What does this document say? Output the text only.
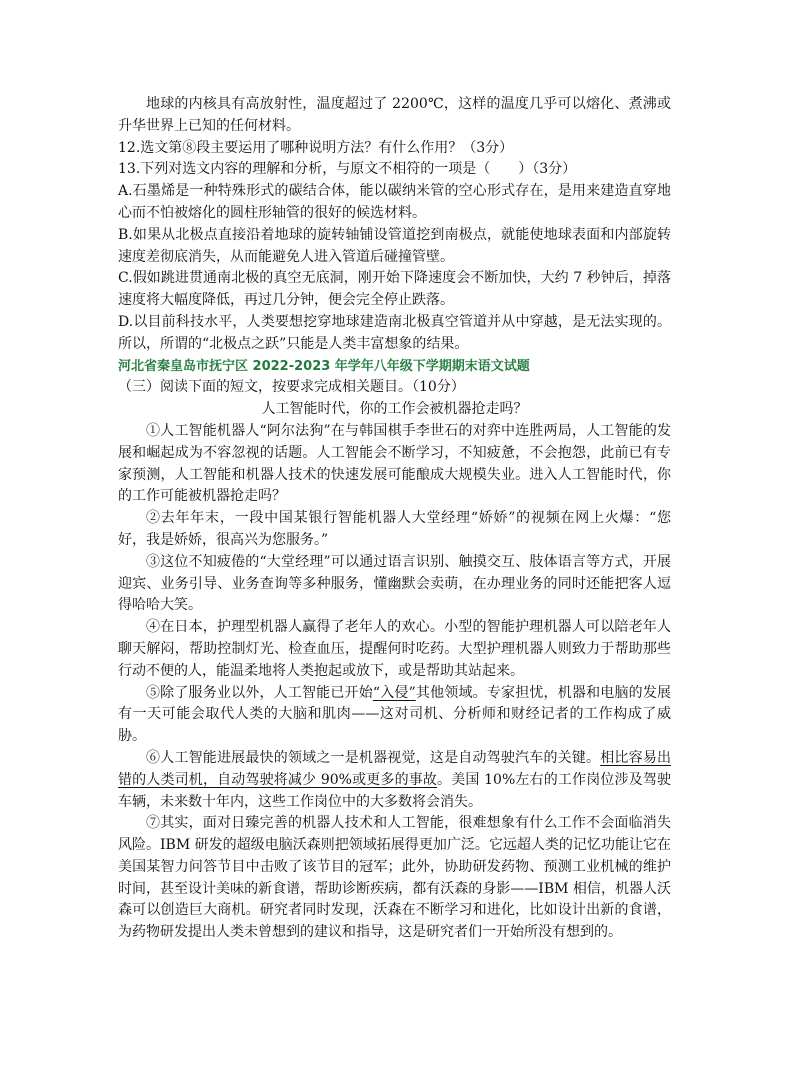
地球的内核具有高放射性，温度超过了 2200℃，这样的温度几乎可以熔化、煮沸或升华世界上已知的任何材料。

12.选文第⑧段主要运用了哪种说明方法？有什么作用？（3分）

13.下列对选文内容的理解和分析，与原文不相符的一项是（　　）（3分）

A.石墨烯是一种特殊形式的碳结合体，能以碳纳米管的空心形式存在，是用来建造直穿地心而不怕被熔化的圆柱形轴管的很好的候选材料。

B.如果从北极点直接沿着地球的旋转轴铺设管道挖到南极点，就能使地球表面和内部旋转速度差彻底消失，从而能避免人进入管道后碰撞管壁。

C.假如跳进贯通南北极的真空无底洞，刚开始下降速度会不断加快，大约 7 秒钟后，掉落速度将大幅度降低，再过几分钟，便会完全停止跌落。

D.以目前科技水平，人类要想挖穿地球建造南北极真空管道并从中穿越，是无法实现的。所以，所谓的“北极点之跃”只能是人类丰富想象的结果。

河北省秦皇岛市抚宁区 2022-2023 年学年八年级下学期期末语文试题

（三）阅读下面的短文，按要求完成相关题目。（10分）

人工智能时代，你的工作会被机器抢走吗？

①人工智能机器人“阿尔法狗”在与韩国棋手李世石的对弈中连胜两局，人工智能的发展和崛起成为不容忽视的话题。人工智能会不断学习，不知疲惫，不会抱怨，此前已有专家预测，人工智能和机器人技术的快速发展可能酿成大规模失业。进入人工智能时代，你的工作可能被机器抢走吗？

②去年年末，一段中国某银行智能机器人大堂经理“娇娇”的视频在网上火爆：“您好，我是娇娇，很高兴为您服务。”

③这位不知疲倦的“大堂经理”可以通过语言识别、触摸交互、肢体语言等方式，开展迎宾、业务引导、业务查询等多种服务，懂幽默会卖萌，在办理业务的同时还能把客人逗得哈哈大笑。

④在日本，护理型机器人赢得了老年人的欢心。小型的智能护理机器人可以陪老年人聊天解闷，帮助控制灯光、检查血压，提醒何时吃药。大型护理机器人则致力于帮助那些行动不便的人，能温柔地将人类抱起或放下，或是帮助其站起来。

⑤除了服务业以外，人工智能已开始“入侵”其他领域。专家担忧，机器和电脑的发展有一天可能会取代人类的大脑和肌肉——这对司机、分析师和财经记者的工作构成了威胁。

⑥人工智能进展最快的领域之一是机器视觉，这是自动驾驶汽车的关键。相比容易出错的人类司机，自动驾驶将减少 90%或更多的事故。美国 10%左右的工作岗位涉及驾驶车辆，未来数十年内，这些工作岗位中的大多数将会消失。

⑦其实，面对日臻完善的机器人技术和人工智能，很难想象有什么工作不会面临消失风险。IBM 研发的超级电脑沃森则把领域拓展得更加广泛。它远超人类的记忆功能让它在美国某智力问答节目中击败了该节目的冠军；此外，协助研发药物、预测工业机械的维护时间，甚至设计美味的新食谱，帮助诊断疾病，都有沃森的身影——IBM 相信，机器人沃森可以创造巨大商机。研究者同时发现，沃森在不断学习和进化，比如设计出新的食谱，为药物研发提出人类未曾想到的建议和指导，这是研究者们一开始所没有想到的。
